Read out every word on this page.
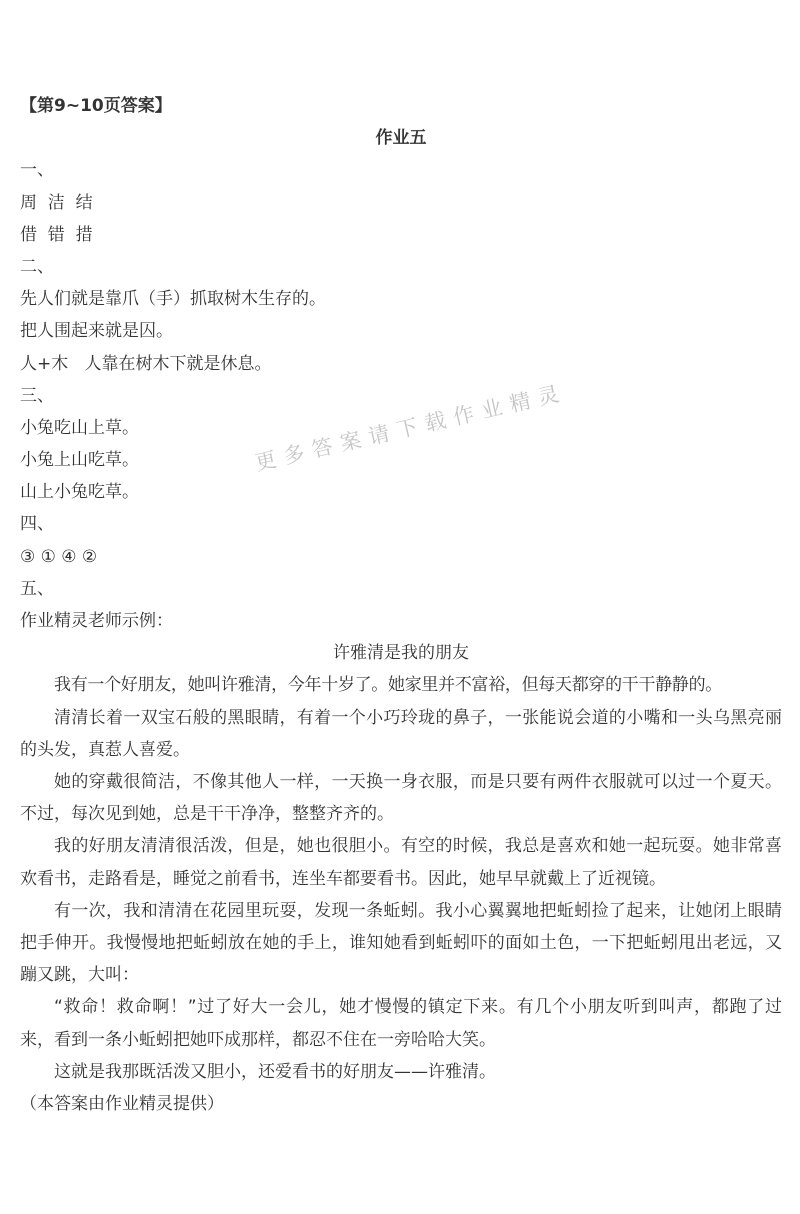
【第9~10页答案】
作业五
一、
周  洁  结
借  错  措
二、
先人们就是靠爪（手）抓取树木生存的。
把人围起来就是囚。
人+木   人靠在树木下就是休息。
三、
小兔吃山上草。
小兔上山吃草。
山上小兔吃草。
四、
③ ① ④ ②
五、
作业精灵老师示例：
许雅清是我的朋友
我有一个好朋友，她叫许雅清，今年十岁了。她家里并不富裕，但每天都穿的干干静静的。
清清长着一双宝石般的黑眼睛，有着一个小巧玲珑的鼻子，一张能说会道的小嘴和一头乌黑亮丽的头发，真惹人喜爱。
她的穿戴很简洁，不像其他人一样，一天换一身衣服，而是只要有两件衣服就可以过一个夏天。不过，每次见到她，总是干干净净，整整齐齐的。
我的好朋友清清很活泼，但是，她也很胆小。有空的时候，我总是喜欢和她一起玩耍。她非常喜欢看书，走路看是，睡觉之前看书，连坐车都要看书。因此，她早早就戴上了近视镜。
有一次，我和清清在花园里玩耍，发现一条蚯蚓。我小心翼翼地把蚯蚓捡了起来，让她闭上眼睛把手伸开。我慢慢地把蚯蚓放在她的手上，谁知她看到蚯蚓吓的面如土色，一下把蚯蚓甩出老远，又蹦又跳，大叫：
“救命！救命啊！”过了好大一会儿，她才慢慢的镇定下来。有几个小朋友听到叫声，都跑了过来，看到一条小蚯蚓把她吓成那样，都忍不住在一旁哈哈大笑。
这就是我那既活泼又胆小，还爱看书的好朋友——许雅清。
（本答案由作业精灵提供）
更多答案请下载作业精灵
